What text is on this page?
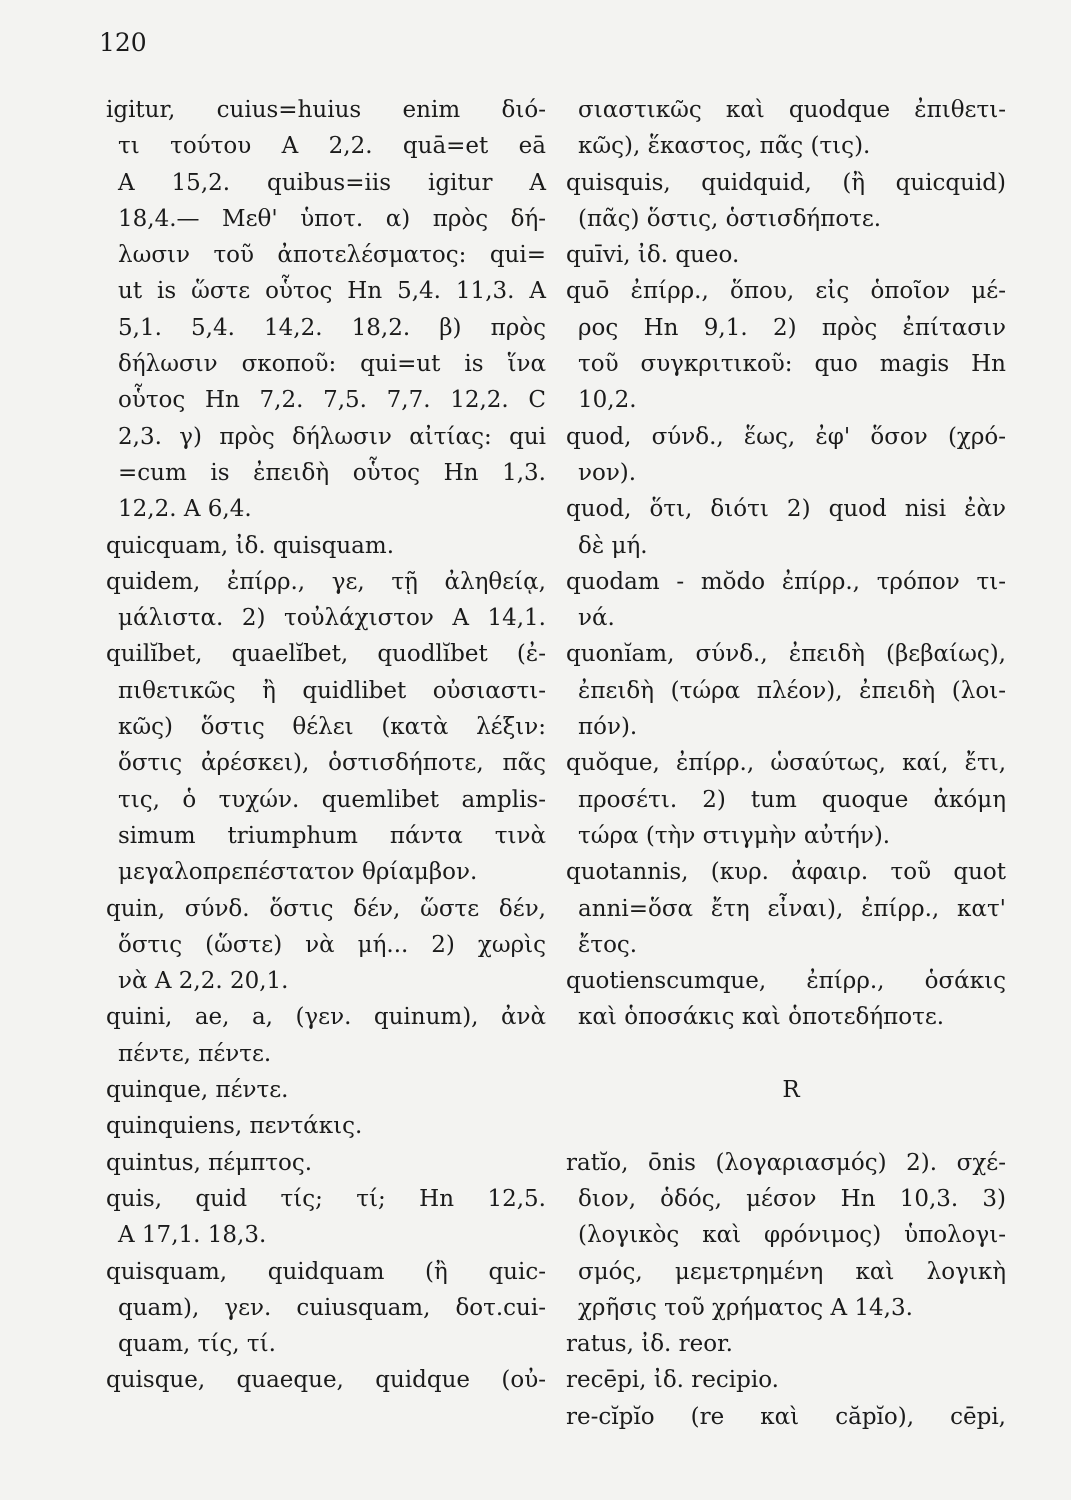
120
igitur, cuius=huius enim διό-
τι τούτου A 2,2. quā=et eā
A 15,2. quibus=iis igitur A
18,4.— Μεθ' ὑποτ. α) πρὸς δή-
λωσιν τοῦ ἀποτελέσματος: qui=
ut is ὥστε οὗτος Hn 5,4. 11,3. A
5,1. 5,4. 14,2. 18,2. β) πρὸς
δήλωσιν σκοποῦ: qui=ut is ἵνα
οὗτος Hn 7,2. 7,5. 7,7. 12,2. C
2,3. γ) πρὸς δήλωσιν αἰτίας: qui
=cum is ἐπειδὴ οὗτος Hn 1,3.
12,2. A 6,4.
quicquam, ἰδ. quisquam.
quidem, ἐπίρρ., γε, τῇ ἀληθείᾳ,
μάλιστα. 2) τοὐλάχιστον A 14,1.
quilĭbet, quaelĭbet, quodlĭbet (ἐ-
πιθετικῶς ἢ quidlibet οὐσιαστι-
κῶς) ὅστις θέλει (κατὰ λέξιν:
ὅστις ἀρέσκει), ὁστισδήποτε, πᾶς
τις, ὁ τυχών. quemlibet amplis-
simum triumphum πάντα τινὰ
μεγαλοπρεπέστατον θρίαμβον.
quin, σύνδ. ὅστις δέν, ὥστε δέν,
ὅστις (ὥστε) νὰ μή... 2) χωρὶς
νὰ A 2,2. 20,1.
quini, ae, a, (γεν. quinum), ἀνὰ
πέντε, πέντε.
quinque, πέντε.
quinquiens, πεντάκις.
quintus, πέμπτος.
quis, quid τίς; τί; Hn 12,5.
A 17,1. 18,3.
quisquam, quidquam (ἢ quic-
quam), γεν. cuiusquam, δοτ.cui-
quam, τίς, τί.
quisque, quaeque, quidque (οὐ-
σιαστικῶς καὶ quodque ἐπιθετι-
κῶς), ἕκαστος, πᾶς (τις).
quisquis, quidquid, (ἢ quicquid)
(πᾶς) ὅστις, ὁστισδήποτε.
quīvi, ἰδ. queo.
quō ἐπίρρ., ὅπου, εἰς ὁποῖον μέ-
ρος Hn 9,1. 2) πρὸς ἐπίτασιν
τοῦ συγκριτικοῦ: quo magis Hn
10,2.
quod, σύνδ., ἕως, ἐφ' ὅσον (χρό-
νον).
quod, ὅτι, διότι 2) quod nisi ἐὰν
δὲ μή.
quodam - mŏdo ἐπίρρ., τρόπον τι-
νά.
quonĭam, σύνδ., ἐπειδὴ (βεβαίως),
ἐπειδὴ (τώρα πλέον), ἐπειδὴ (λοι-
πόν).
quŏque, ἐπίρρ., ὡσαύτως, καί, ἔτι,
προσέτι. 2) tum quoque ἀκόμη
τώρα (τὴν στιγμὴν αὐτήν).
quotannis, (κυρ. ἀφαιρ. τοῦ quot
anni=ὅσα ἔτη εἶναι), ἐπίρρ., κατ'
ἔτος.
quotienscumque, ἐπίρρ., ὁσάκις
καὶ ὁποσάκις καὶ ὁποτεδήποτε.
R
ratĭo, ōnis (λογαριασμός) 2). σχέ-
διον, ὁδός, μέσον Hn 10,3. 3)
(λογικὸς καὶ φρόνιμος) ὑπολογι-
σμός, μεμετρημένη καὶ λογικὴ
χρῆσις τοῦ χρήματος A 14,3.
ratus, ἰδ. reor.
recēpi, ἰδ. recipio.
re-cĭpĭo (re καὶ căpĭo), cēpi,
